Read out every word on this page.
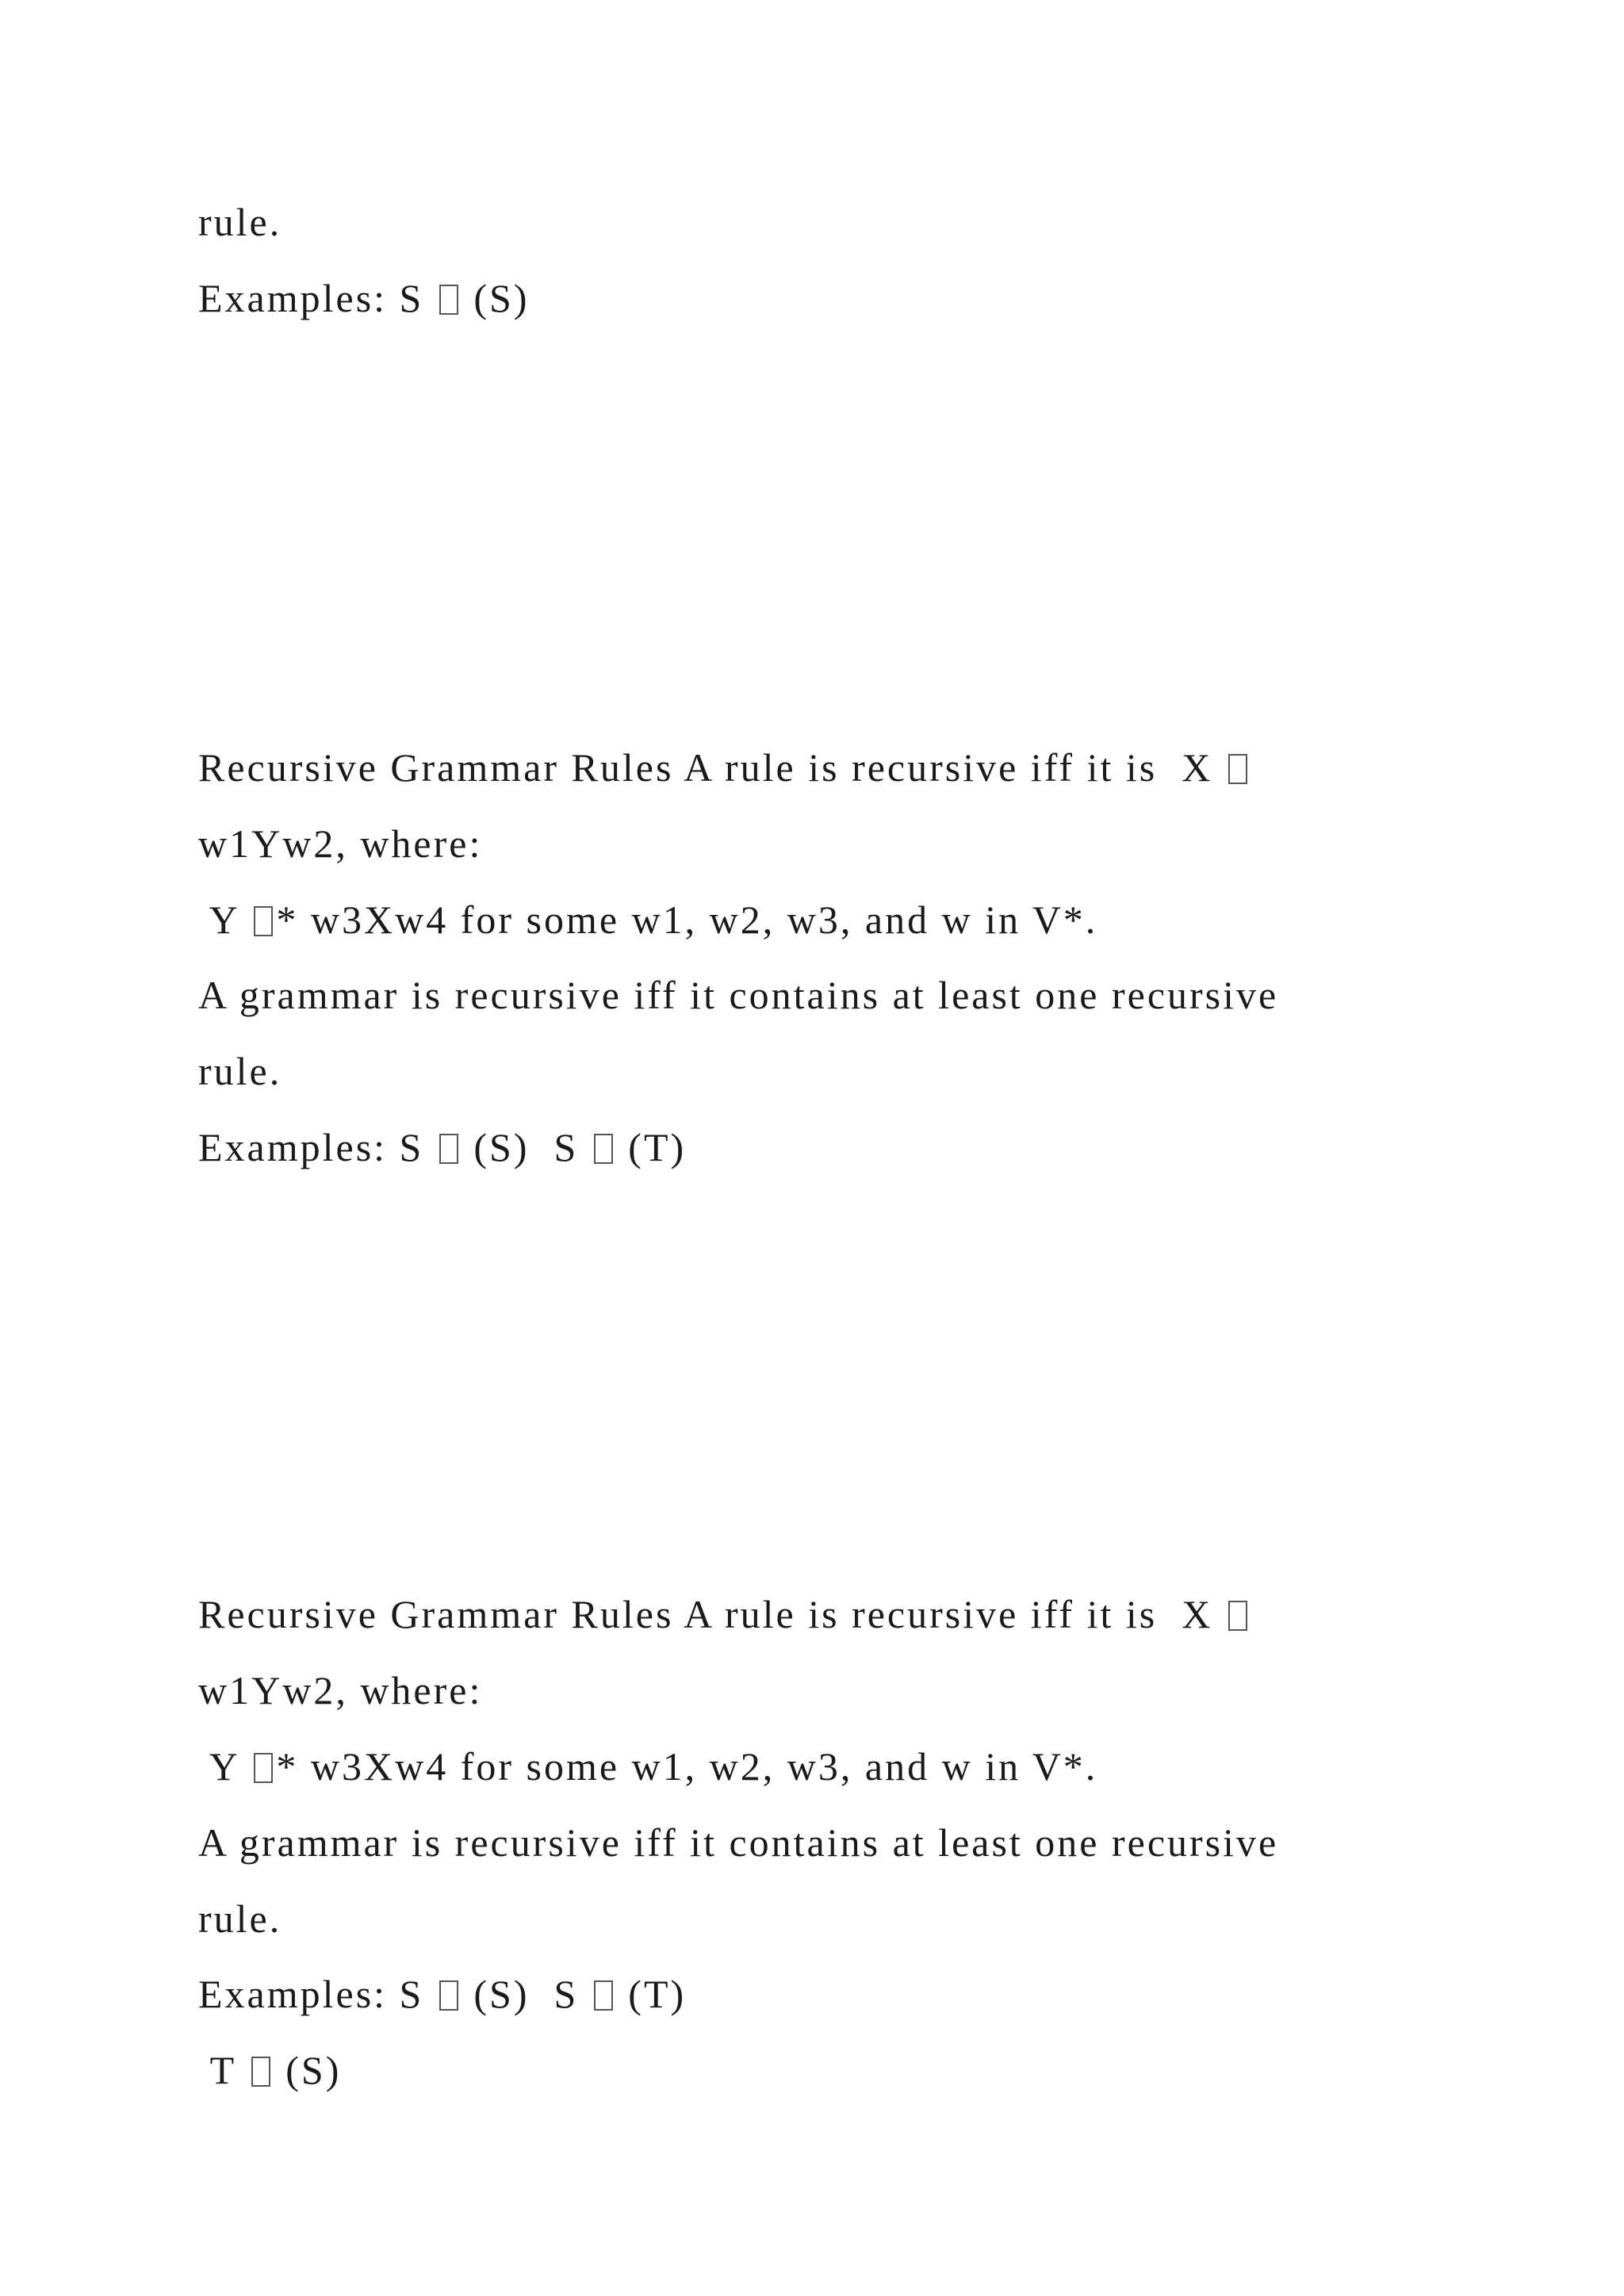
rule.

Examples: S  (S)

Recursive Grammar Rules A rule is recursive iff it is  X

w1Yw2, where:

Y * w3Xw4 for some w1, w2, w3, and w in V*.

A grammar is recursive iff it contains at least one recursive

rule.

Examples: S  (S)  S  (T)

Recursive Grammar Rules A rule is recursive iff it is  X

w1Yw2, where:

Y * w3Xw4 for some w1, w2, w3, and w in V*.

A grammar is recursive iff it contains at least one recursive

rule.

Examples: S  (S)  S  (T)

T  (S)
